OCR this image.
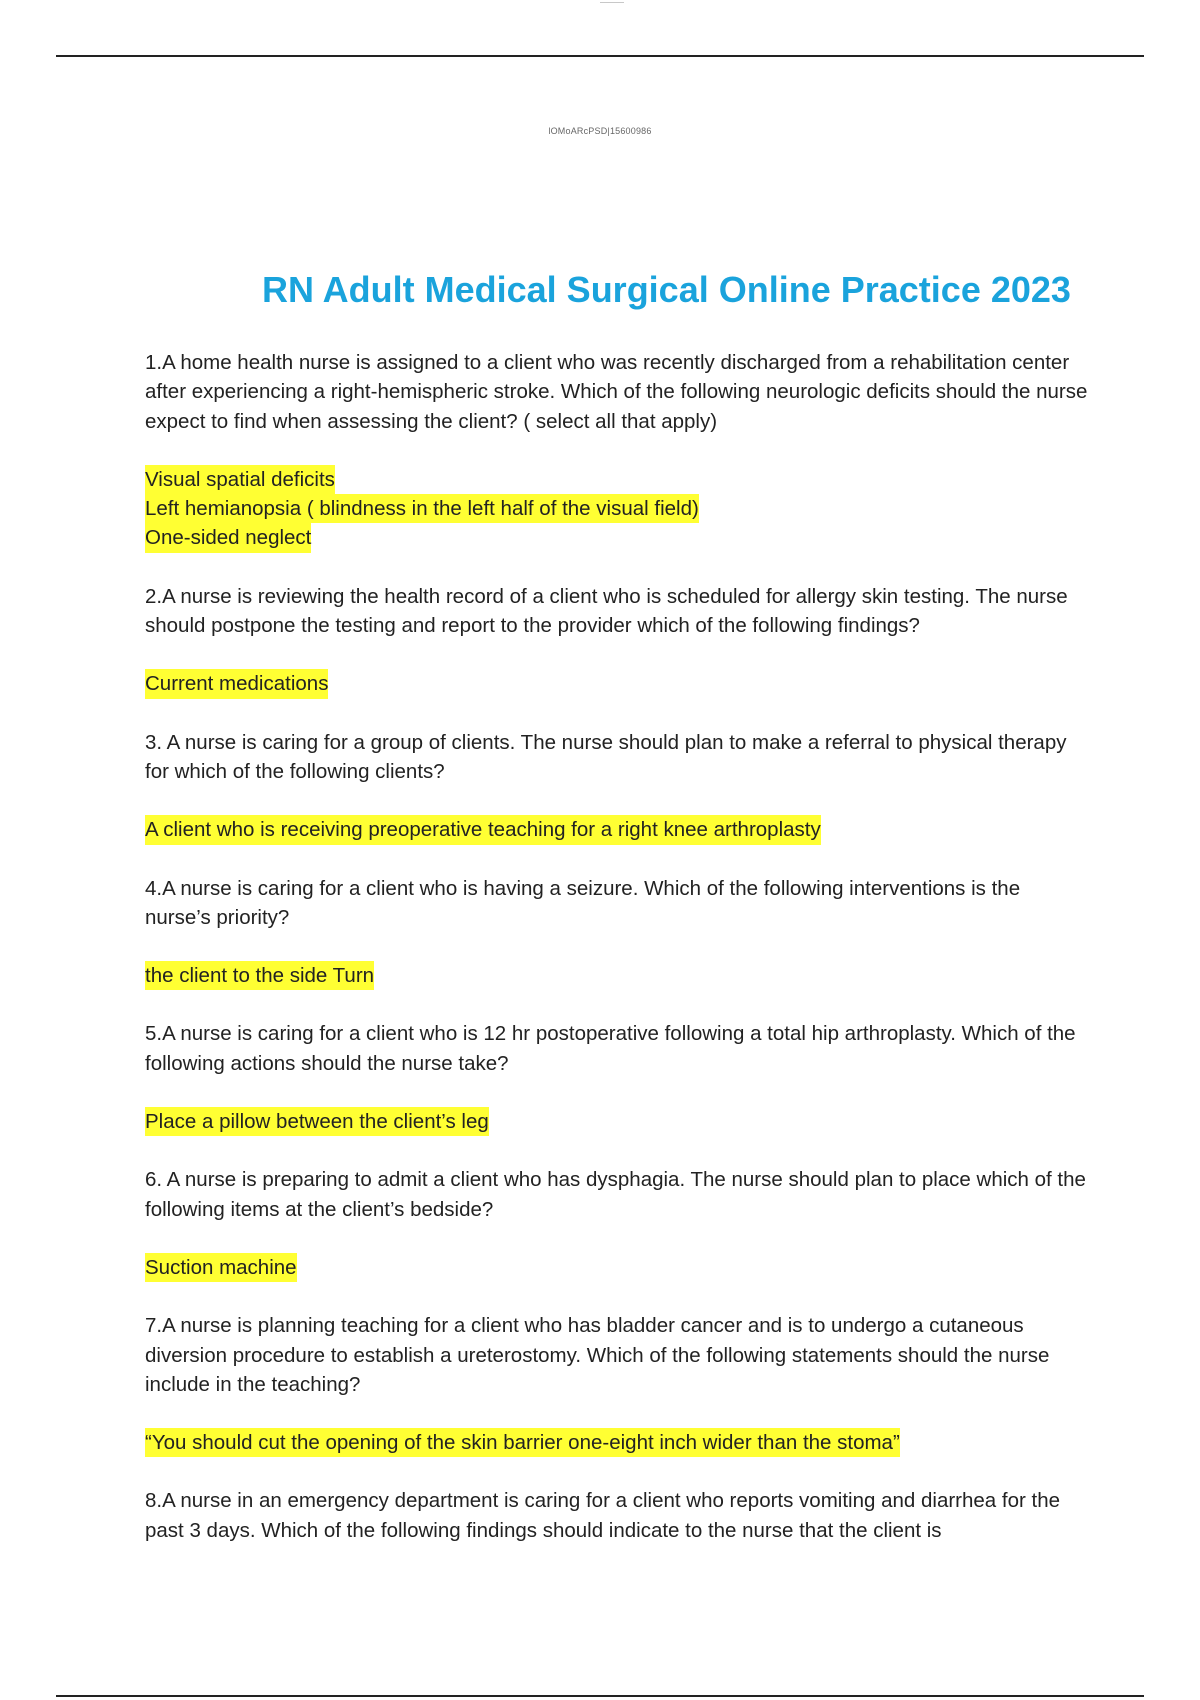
lOMoARcPSD|15600986
RN Adult Medical Surgical Online Practice 2023

1.A home health nurse is assigned to a client who was recently discharged from a rehabilitation center after experiencing a right-hemispheric stroke. Which of the following neurologic deficits should the nurse expect to find when assessing the client? ( select all that apply)

Visual spatial deficits
Left hemianopsia ( blindness in the left half of the visual field)
One-sided neglect

2.A nurse is reviewing the health record of a client who is scheduled for allergy skin testing. The nurse should postpone the testing and report to the provider which of the following findings?

Current medications

3. A nurse is caring for a group of clients. The nurse should plan to make a referral to physical therapy for which of the following clients?

A client who is receiving preoperative teaching for a right knee arthroplasty

4.A nurse is caring for a client who is having a seizure. Which of the following interventions is the nurse’s priority?

the client to the side Turn

5.A nurse is caring for a client who is 12 hr postoperative following a total hip arthroplasty. Which of the following actions should the nurse take?

Place a pillow between the client’s leg

6. A nurse is preparing to admit a client who has dysphagia. The nurse should plan to place which of the following items at the client’s bedside?

Suction machine

7.A nurse is planning teaching for a client who has bladder cancer and is to undergo a cutaneous diversion procedure to establish a ureterostomy. Which of the following statements should the nurse include in the teaching?

“You should cut the opening of the skin barrier one-eight inch wider than the stoma”

8.A nurse in an emergency department is caring for a client who reports vomiting and diarrhea for the past 3 days. Which of the following findings should indicate to the nurse that the client is
